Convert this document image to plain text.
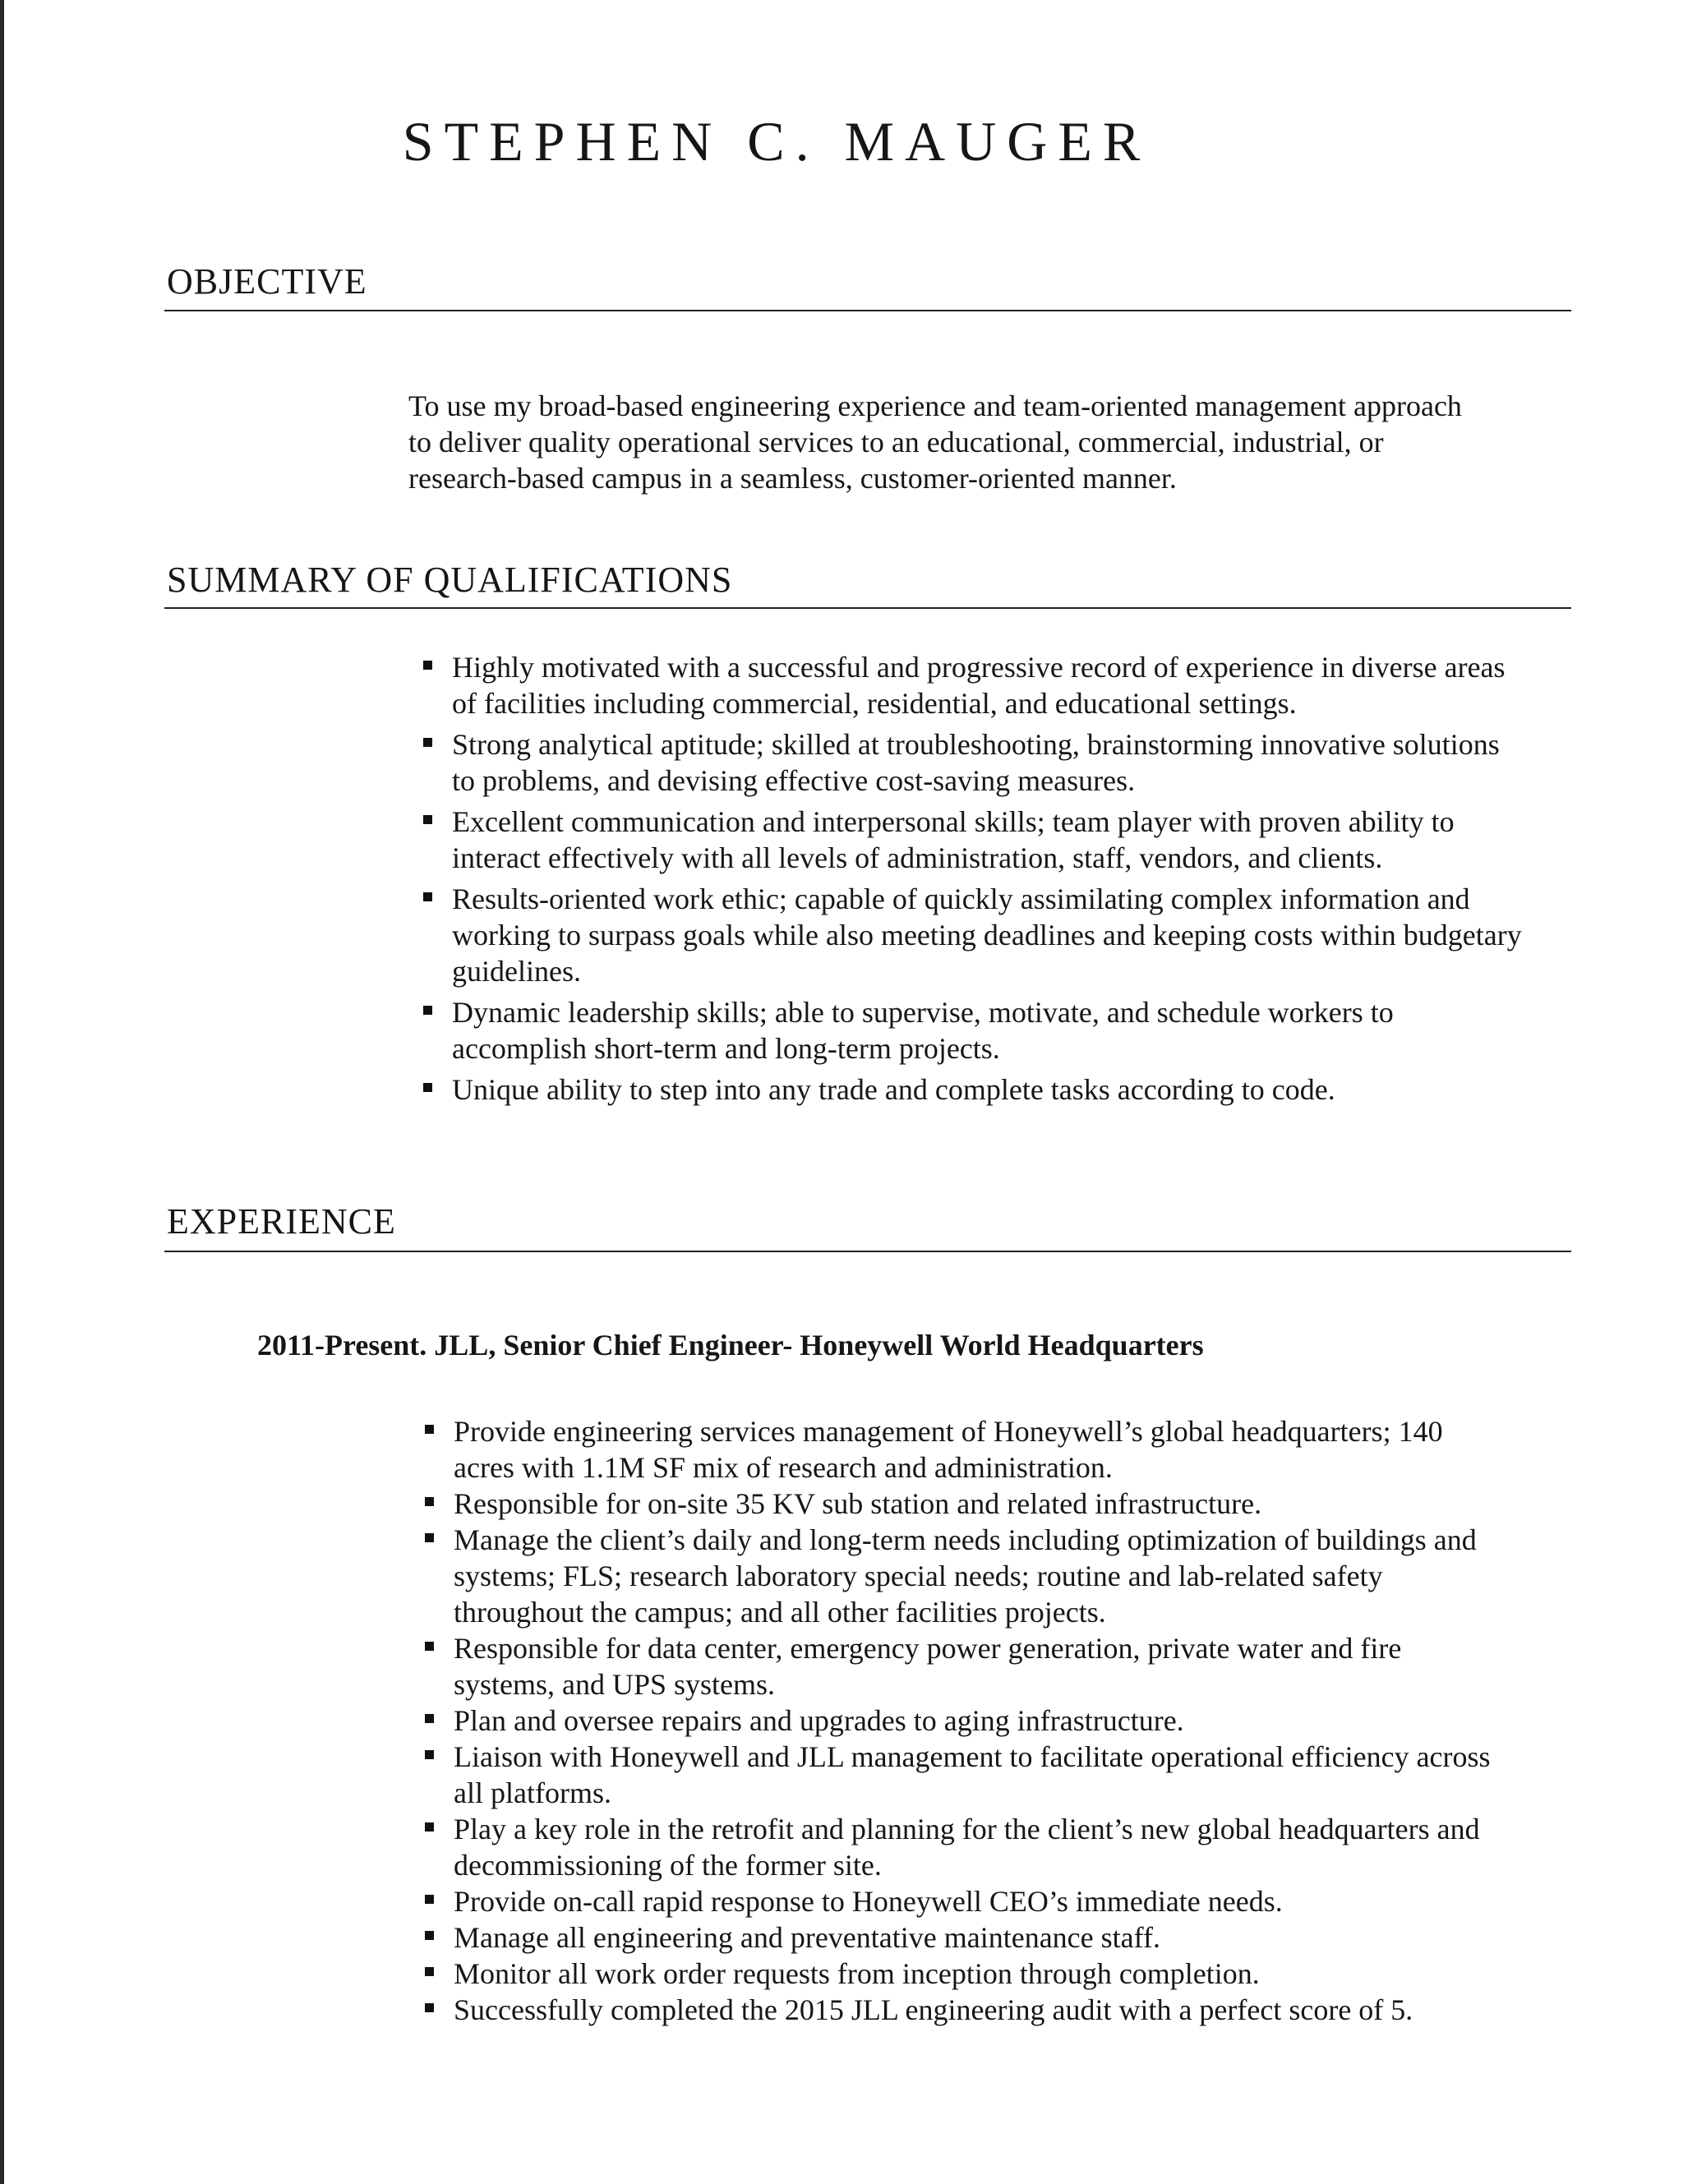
STEPHEN C. MAUGER
OBJECTIVE

To use my broad-based engineering experience and team-oriented management approach to deliver quality operational services to an educational, commercial, industrial, or research-based campus in a seamless, customer-oriented manner.

SUMMARY OF QUALIFICATIONS
Highly motivated with a successful and progressive record of experience in diverse areas of facilities including commercial, residential, and educational settings.
Strong analytical aptitude; skilled at troubleshooting, brainstorming innovative solutions to problems, and devising effective cost-saving measures.
Excellent communication and interpersonal skills; team player with proven ability to interact effectively with all levels of administration, staff, vendors, and clients.
Results-oriented work ethic; capable of quickly assimilating complex information and working to surpass goals while also meeting deadlines and keeping costs within budgetary guidelines.
Dynamic leadership skills; able to supervise, motivate, and schedule workers to accomplish short-term and long-term projects.
Unique ability to step into any trade and complete tasks according to code.
EXPERIENCE

2011-Present. JLL, Senior Chief Engineer- Honeywell World Headquarters

Provide engineering services management of Honeywell’s global headquarters; 140 acres with 1.1M SF mix of research and administration.
Responsible for on-site 35 KV sub station and related infrastructure.
Manage the client’s daily and long-term needs including optimization of buildings and systems; FLS; research laboratory special needs; routine and lab-related safety throughout the campus; and all other facilities projects.
Responsible for data center, emergency power generation, private water and fire systems, and UPS systems.
Plan and oversee repairs and upgrades to aging infrastructure.
Liaison with Honeywell and JLL management to facilitate operational efficiency across all platforms.
Play a key role in the retrofit and planning for the client’s new global headquarters and decommissioning of the former site.
Provide on-call rapid response to Honeywell CEO’s immediate needs.
Manage all engineering and preventative maintenance staff.
Monitor all work order requests from inception through completion.
Successfully completed the 2015 JLL engineering audit with a perfect score of 5.
